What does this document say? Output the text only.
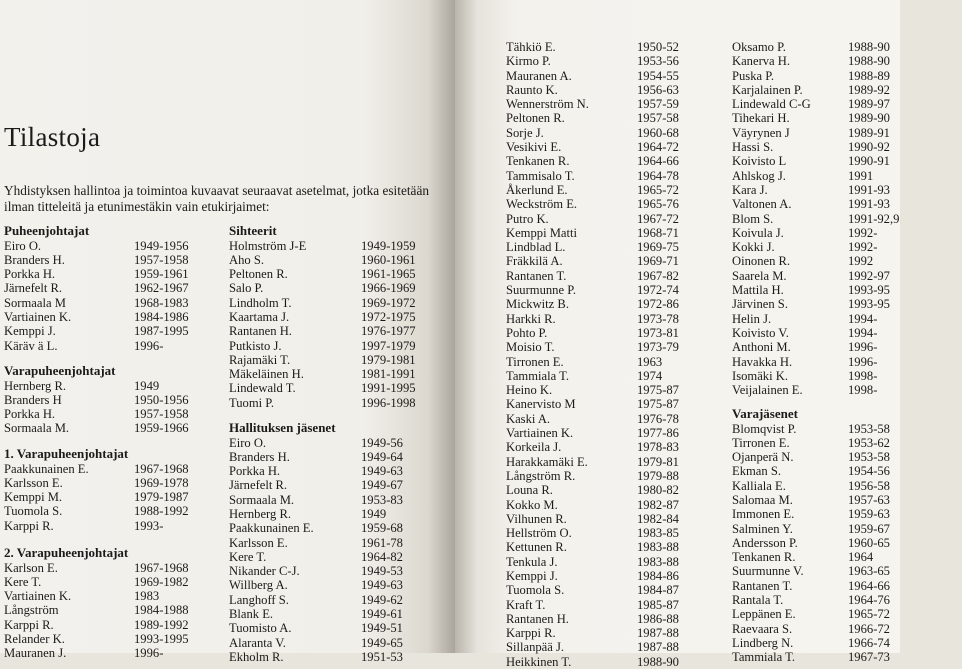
Tilastoja
Yhdistyksen hallintoa ja toimintoa kuvaavat seuraavat asetelmat, jotka esitetään ilman titteleitä ja etunimestäkin vain etukirjaimet:
Puheenjohtajat
Eiro O.	1949-1956
Branders H.	1957-1958
Porkka H.	1959-1961
Järnefelt R.	1962-1967
Sormaala M	1968-1983
Vartiainen K.	1984-1986
Kemppi J.	1987-1995
Käräv ä L.	1996-
Varapuheenjohtajat
Hernberg R.	1949
Branders H	1950-1956
Porkka H.	1957-1958
Sormaala M.	1959-1966
1. Varapuheenjohtajat
Paakkunainen E.	1967-1968
Karlsson E.	1969-1978
Kemppi M.	1979-1987
Tuomola S.	1988-1992
Karppi R.	1993-
2. Varapuheenjohtajat
Karlson E.	1967-1968
Kere T.	1969-1982
Vartiainen K.	1983
Långström	1984-1988
Karppi R.	1989-1992
Relander K.	1993-1995
Mauranen J.	1996-
Sihteerit
Holmström J-E	1949-1959
Aho S.	1960-1961
Peltonen R.	1961-1965
Salo P.	1966-1969
Lindholm T.	1969-1972
Kaartama J.	1972-1975
Rantanen H.	1976-1977
Putkisto J.	1997-1979
Rajamäki T.	1979-1981
Mäkeläinen H.	1981-1991
Lindewald T.	1991-1995
Tuomi P.	1996-1998
Hallituksen jäsenet
Eiro O.	1949-56
Branders H.	1949-64
Porkka H.	1949-63
Järnefelt R.	1949-67
Sormaala M.	1953-83
Hernberg R.	1949
Paakkunainen E.	1959-68
Karlsson E.	1961-78
Kere T.	1964-82
Nikander C-J.	1949-53
Willberg A.	1949-63
Langhoff S.	1949-62
Blank E.	1949-61
Tuomisto A.	1949-51
Alaranta V.	1949-65
Ekholm R.	1951-53
Tähkiö E.	1950-52
Kirmo P.	1953-56
Mauranen A.	1954-55
Raunto K.	1956-63
Wennerström N.	1957-59
Peltonen R.	1957-58
Sorje J.	1960-68
Vesikivi E.	1964-72
Tenkanen R.	1964-66
Tammisalo T.	1964-78
Åkerlund E.	1965-72
Weckström E.	1965-76
Putro K.	1967-72
Kemppi Matti	1968-71
Lindblad L.	1969-75
Fräkkilä A.	1969-71
Rantanen T.	1967-82
Suurmunne P.	1972-74
Mickwitz B.	1972-86
Harkki R.	1973-78
Pohto P.	1973-81
Moisio T.	1973-79
Tirronen E.	1963
Tammiala T.	1974
Heino K.	1975-87
Kanervisto M	1975-87
Kaski A.	1976-78
Vartiainen K.	1977-86
Korkeila J.	1978-83
Harakkamäki E.	1979-81
Långström R.	1979-88
Louna R.	1980-82
Kokko M.	1982-87
Vilhunen R.	1982-84
Hellström O.	1983-85
Kettunen R.	1983-88
Tenkula J.	1983-88
Kemppi J.	1984-86
Tuomola S.	1984-87
Kraft T.	1985-87
Rantanen H.	1986-88
Karppi R.	1987-88
Sillanpää J.	1987-88
Heikkinen T.	1988-90
Oksamo P.	1988-90
Kanerva H.	1988-90
Puska P.	1988-89
Karjalainen P.	1989-92
Lindewald C-G	1989-97
Tihekari H.	1989-90
Väyrynen J	1989-91
Hassi S.	1990-92
Koivisto L	1990-91
Ahlskog J.	1991
Kara J.	1991-93
Valtonen A.	1991-93
Blom S.	1991-92,9
Koivula J.	1992-
Kokki J.	1992-
Oinonen R.	1992
Saarela M.	1992-97
Mattila H.	1993-95
Järvinen S.	1993-95
Helin J.	1994-
Koivisto V.	1994-
Anthoni M.	1996-
Havakka H.	1996-
Isomäki K.	1998-
Veijalainen E.	1998-
Varajäsenet
Blomqvist P.	1953-58
Tirronen E.	1953-62
Ojanperä N.	1953-58
Ekman S.	1954-56
Kalliala E.	1956-58
Salomaa M.	1957-63
Immonen E.	1959-63
Salminen Y.	1959-67
Andersson P.	1960-65
Tenkanen R.	1964
Suurmunne V.	1963-65
Rantanen T.	1964-66
Rantala T.	1964-76
Leppänen E.	1965-72
Raevaara S.	1966-72
Lindberg N.	1966-74
Tammiala T.	1967-73
